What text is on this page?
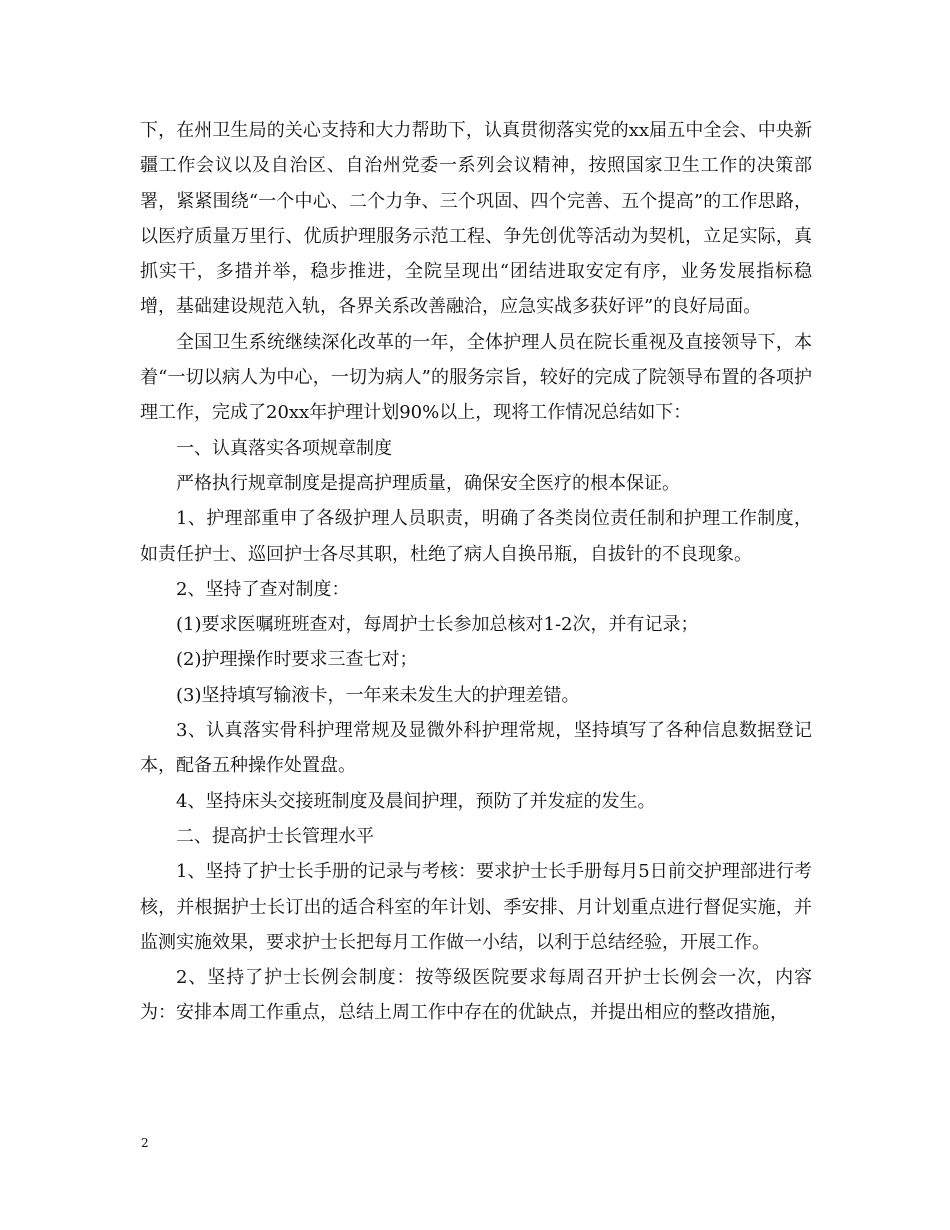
下，在州卫生局的关心支持和大力帮助下，认真贯彻落实党的xx届五中全会、中央新疆工作会议以及自治区、自治州党委一系列会议精神，按照国家卫生工作的决策部署，紧紧围绕“一个中心、二个力争、三个巩固、四个完善、五个提高”的工作思路，以医疗质量万里行、优质护理服务示范工程、争先创优等活动为契机，立足实际，真抓实干，多措并举，稳步推进，全院呈现出“团结进取安定有序，业务发展指标稳增，基础建设规范入轨，各界关系改善融洽，应急实战多获好评”的良好局面。

全国卫生系统继续深化改革的一年，全体护理人员在院长重视及直接领导下，本着“一切以病人为中心，一切为病人”的服务宗旨，较好的完成了院领导布置的各项护理工作，完成了20xx年护理计划90%以上，现将工作情况总结如下：

一、认真落实各项规章制度

严格执行规章制度是提高护理质量，确保安全医疗的根本保证。

1、护理部重申了各级护理人员职责，明确了各类岗位责任制和护理工作制度，如责任护士、巡回护士各尽其职，杜绝了病人自换吊瓶，自拔针的不良现象。

2、坚持了查对制度：

(1)要求医嘱班班查对，每周护士长参加总核对1-2次，并有记录；

(2)护理操作时要求三查七对；

(3)坚持填写输液卡，一年来未发生大的护理差错。

3、认真落实骨科护理常规及显微外科护理常规，坚持填写了各种信息数据登记本，配备五种操作处置盘。

4、坚持床头交接班制度及晨间护理，预防了并发症的发生。

二、提高护士长管理水平

1、坚持了护士长手册的记录与考核：要求护士长手册每月5日前交护理部进行考核，并根据护士长订出的适合科室的年计划、季安排、月计划重点进行督促实施，并监测实施效果，要求护士长把每月工作做一小结，以利于总结经验，开展工作。

2、坚持了护士长例会制度：按等级医院要求每周召开护士长例会一次，内容为：安排本周工作重点，总结上周工作中存在的优缺点，并提出相应的整改措施，

2
